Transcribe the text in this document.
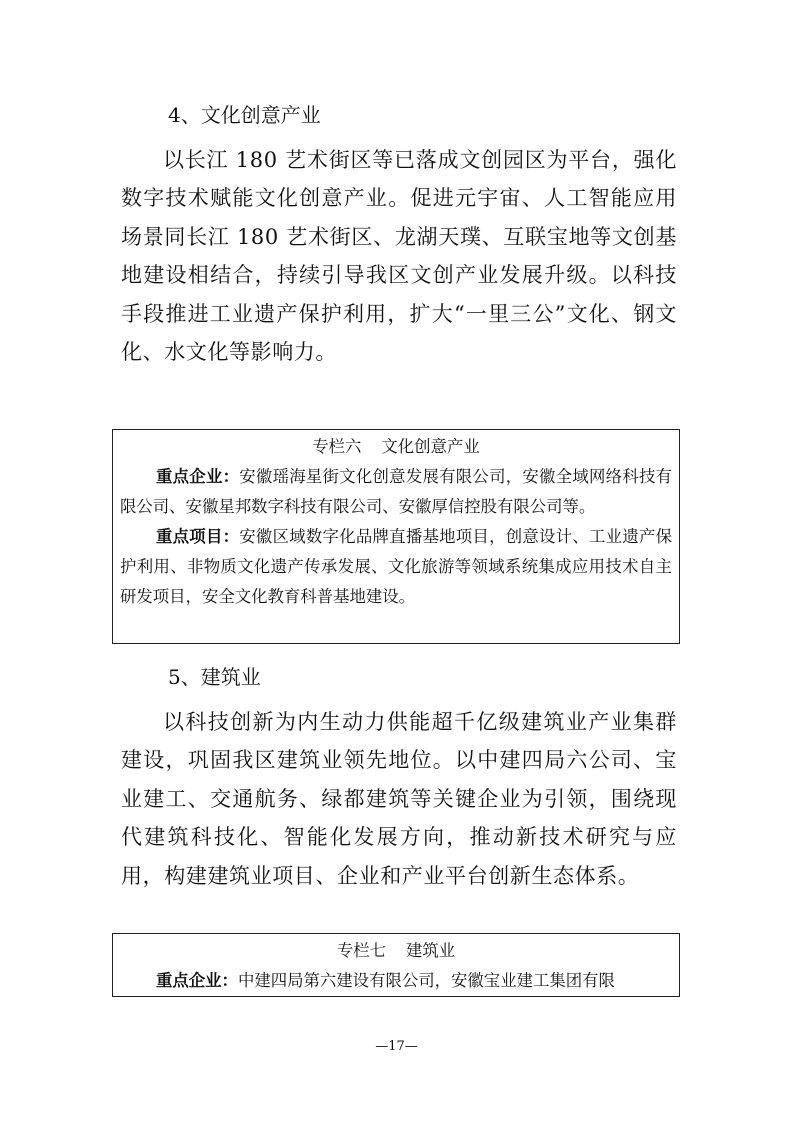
4、文化创意产业

以长江 180 艺术街区等已落成文创园区为平台，强化数字技术赋能文化创意产业。促进元宇宙、人工智能应用场景同长江 180 艺术街区、龙湖天璞、互联宝地等文创基地建设相结合，持续引导我区文创产业发展升级。以科技手段推进工业遗产保护利用，扩大“一里三公”文化、钢文化、水文化等影响力。

专栏六 文化创意产业

重点企业：安徽瑶海星街文化创意发展有限公司，安徽全域网络科技有限公司、安徽星邦数字科技有限公司、安徽厚信控股有限公司等。

重点项目：安徽区域数字化品牌直播基地项目，创意设计、工业遗产保护利用、非物质文化遗产传承发展、文化旅游等领域系统集成应用技术自主研发项目，安全文化教育科普基地建设。

5、建筑业

以科技创新为内生动力供能超千亿级建筑业产业集群建设，巩固我区建筑业领先地位。以中建四局六公司、宝业建工、交通航务、绿都建筑等关键企业为引领，围绕现代建筑科技化、智能化发展方向，推动新技术研究与应用，构建建筑业项目、企业和产业平台创新生态体系。

专栏七 建筑业

重点企业：中建四局第六建设有限公司，安徽宝业建工集团有限

—17—
